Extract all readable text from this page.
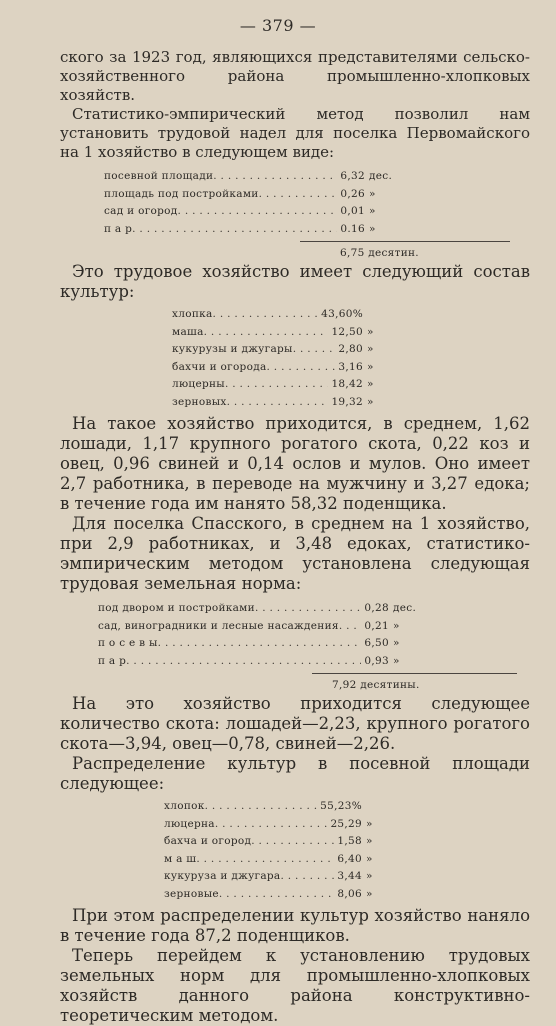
— 379 —

ского за 1923 год, являющихся представителями сельско-хозяйственного района промышленно-хлопковых хозяйств.

Статистико-эмпирический метод позволил нам установить трудовой надел для поселка Первомайского на 1 хозяйство в следующем виде:

посевной площади . . .	6,32 дес.
площадь под постройками . . .	0,26 »
сад и огород . . .	0,01 »
п а р . . .	0.16 »
6,75 десятин.

Это трудовое хозяйство имеет следующий состав культур:

хлопка . . .	43,60%
маша . . .	12,50 »
кукурузы и джугары . . .	2,80 »
бахчи и огорода . . .	3,16 »
люцерны . . .	18,42 »
зерновых . . .	19,32 »

На такое хозяйство приходится, в среднем, 1,62 лошади, 1,17 крупного рогатого скота, 0,22 коз и овец, 0,96 свиней и 0,14 ослов и мулов. Оно имеет 2,7 работника, в переводе на мужчину и 3,27 едока; в течение года им нанято 58,32 поденщика.

Для поселка Спасского, в среднем на 1 хозяйство, при 2,9 работниках, и 3,48 едоках, статистико-эмпирическим методом установлена следующая трудовая земельная норма:

под двором и постройками . . .	0,28 дес.
сад, виноградники и лесные насаждения . . . 0,21 »
п о с е в ы . . .	6,50 »
п а р . . .	0,93 »
7,92 десятины.

На это хозяйство приходится следующее количество скота: лошадей—2,23, крупного рогатого скота—3,94, овец—0,78, свиней—2,26.

Распределение культур в посевной площади следующее:

хлопок . . .	55,23%
люцерна . . .	25,29 »
бахча и огород . . .	1,58 »
м а ш . . .	6,40 »
кукуруза и джугара . . .	3,44 »
зерновые . . .	8,06 »

При этом распределении культур хозяйство наняло в течение года 87,2 поденщиков.

Теперь перейдем к установлению трудовых земельных норм для промышленно-хлопковых хозяйств данного района конструктивно-теоретическим методом.
